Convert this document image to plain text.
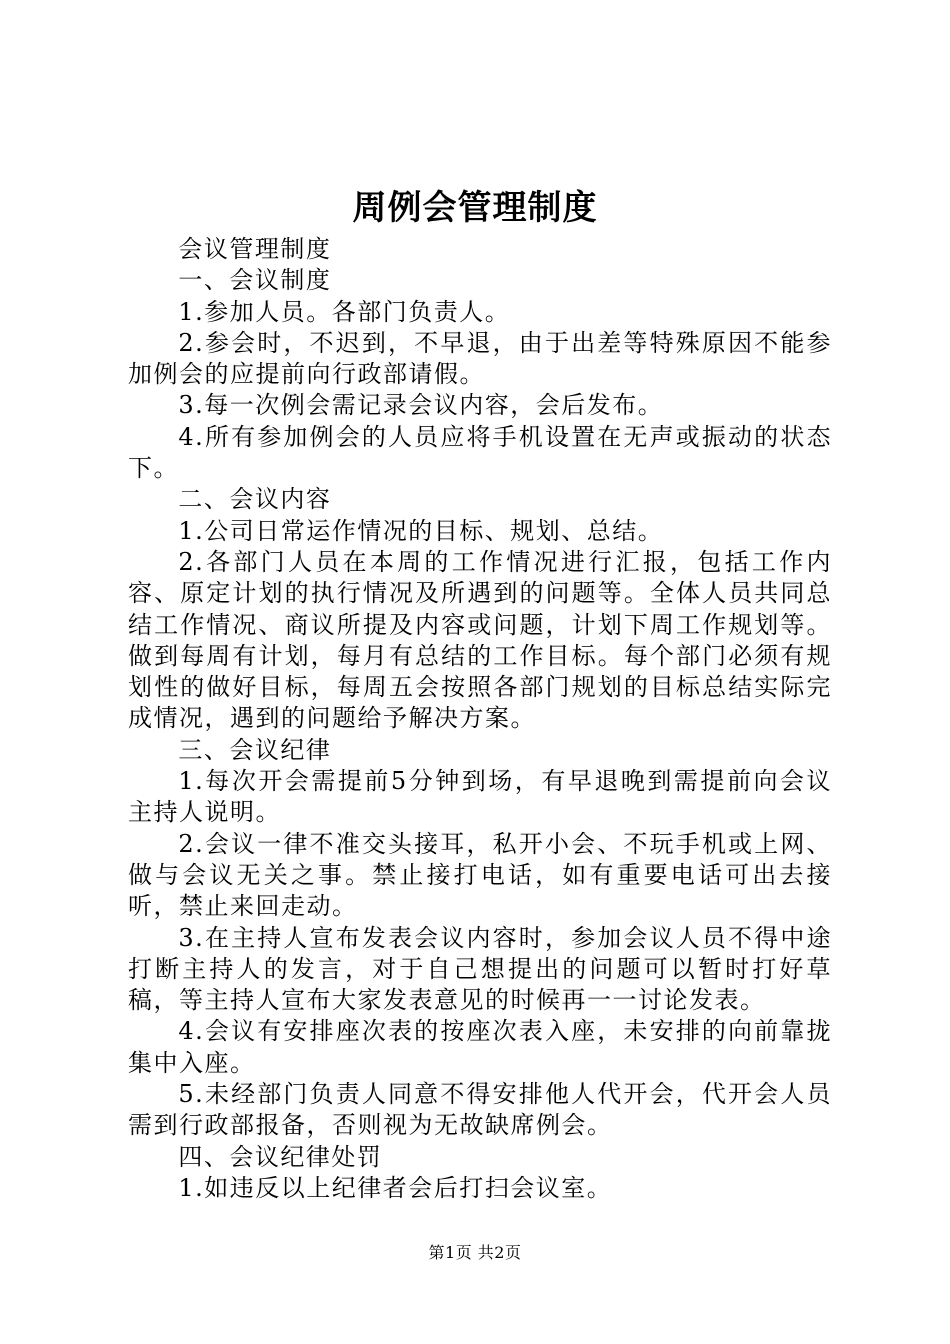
周例会管理制度

会议管理制度

一、会议制度

1.参加人员。各部门负责人。

2.参会时，不迟到，不早退，由于出差等特殊原因不能参加例会的应提前向行政部请假。

3.每一次例会需记录会议内容，会后发布。

4.所有参加例会的人员应将手机设置在无声或振动的状态下。

二、会议内容

1.公司日常运作情况的目标、规划、总结。

2.各部门人员在本周的工作情况进行汇报，包括工作内容、原定计划的执行情况及所遇到的问题等。全体人员共同总结工作情况、商议所提及内容或问题，计划下周工作规划等。做到每周有计划，每月有总结的工作目标。每个部门必须有规划性的做好目标，每周五会按照各部门规划的目标总结实际完成情况，遇到的问题给予解决方案。

三、会议纪律

1.每次开会需提前5分钟到场，有早退晚到需提前向会议主持人说明。

2.会议一律不准交头接耳，私开小会、不玩手机或上网、做与会议无关之事。禁止接打电话，如有重要电话可出去接听，禁止来回走动。

3.在主持人宣布发表会议内容时，参加会议人员不得中途打断主持人的发言，对于自己想提出的问题可以暂时打好草稿，等主持人宣布大家发表意见的时候再一一讨论发表。

4.会议有安排座次表的按座次表入座，未安排的向前靠拢集中入座。

5.未经部门负责人同意不得安排他人代开会，代开会人员需到行政部报备，否则视为无故缺席例会。

四、会议纪律处罚

1.如违反以上纪律者会后打扫会议室。

第1页 共2页
